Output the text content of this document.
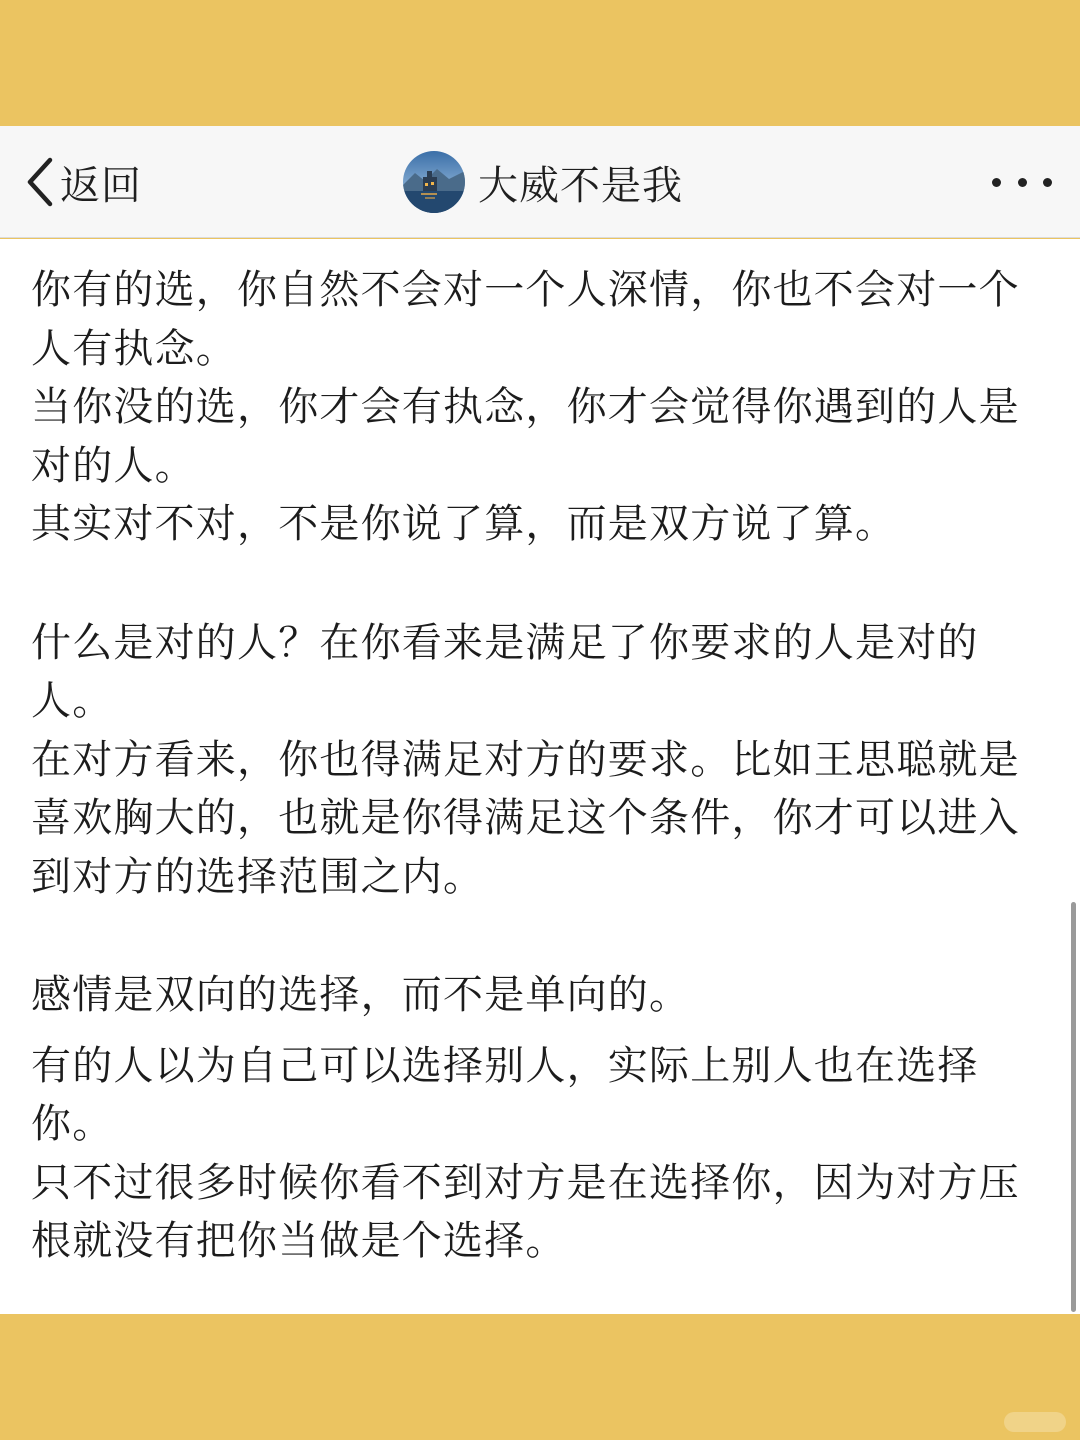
返回	大威不是我

你有的选，你自然不会对一个人深情，你也不会对一个人有执念。

当你没的选，你才会有执念，你才会觉得你遇到的人是对的人。

其实对不对，不是你说了算，而是双方说了算。

什么是对的人？在你看来是满足了你要求的人是对的人。

在对方看来，你也得满足对方的要求。比如王思聪就是喜欢胸大的，也就是你得满足这个条件，你才可以进入到对方的选择范围之内。

感情是双向的选择，而不是单向的。

有的人以为自己可以选择别人，实际上别人也在选择你。

只不过很多时候你看不到对方是在选择你，因为对方压根就没有把你当做是个选择。
